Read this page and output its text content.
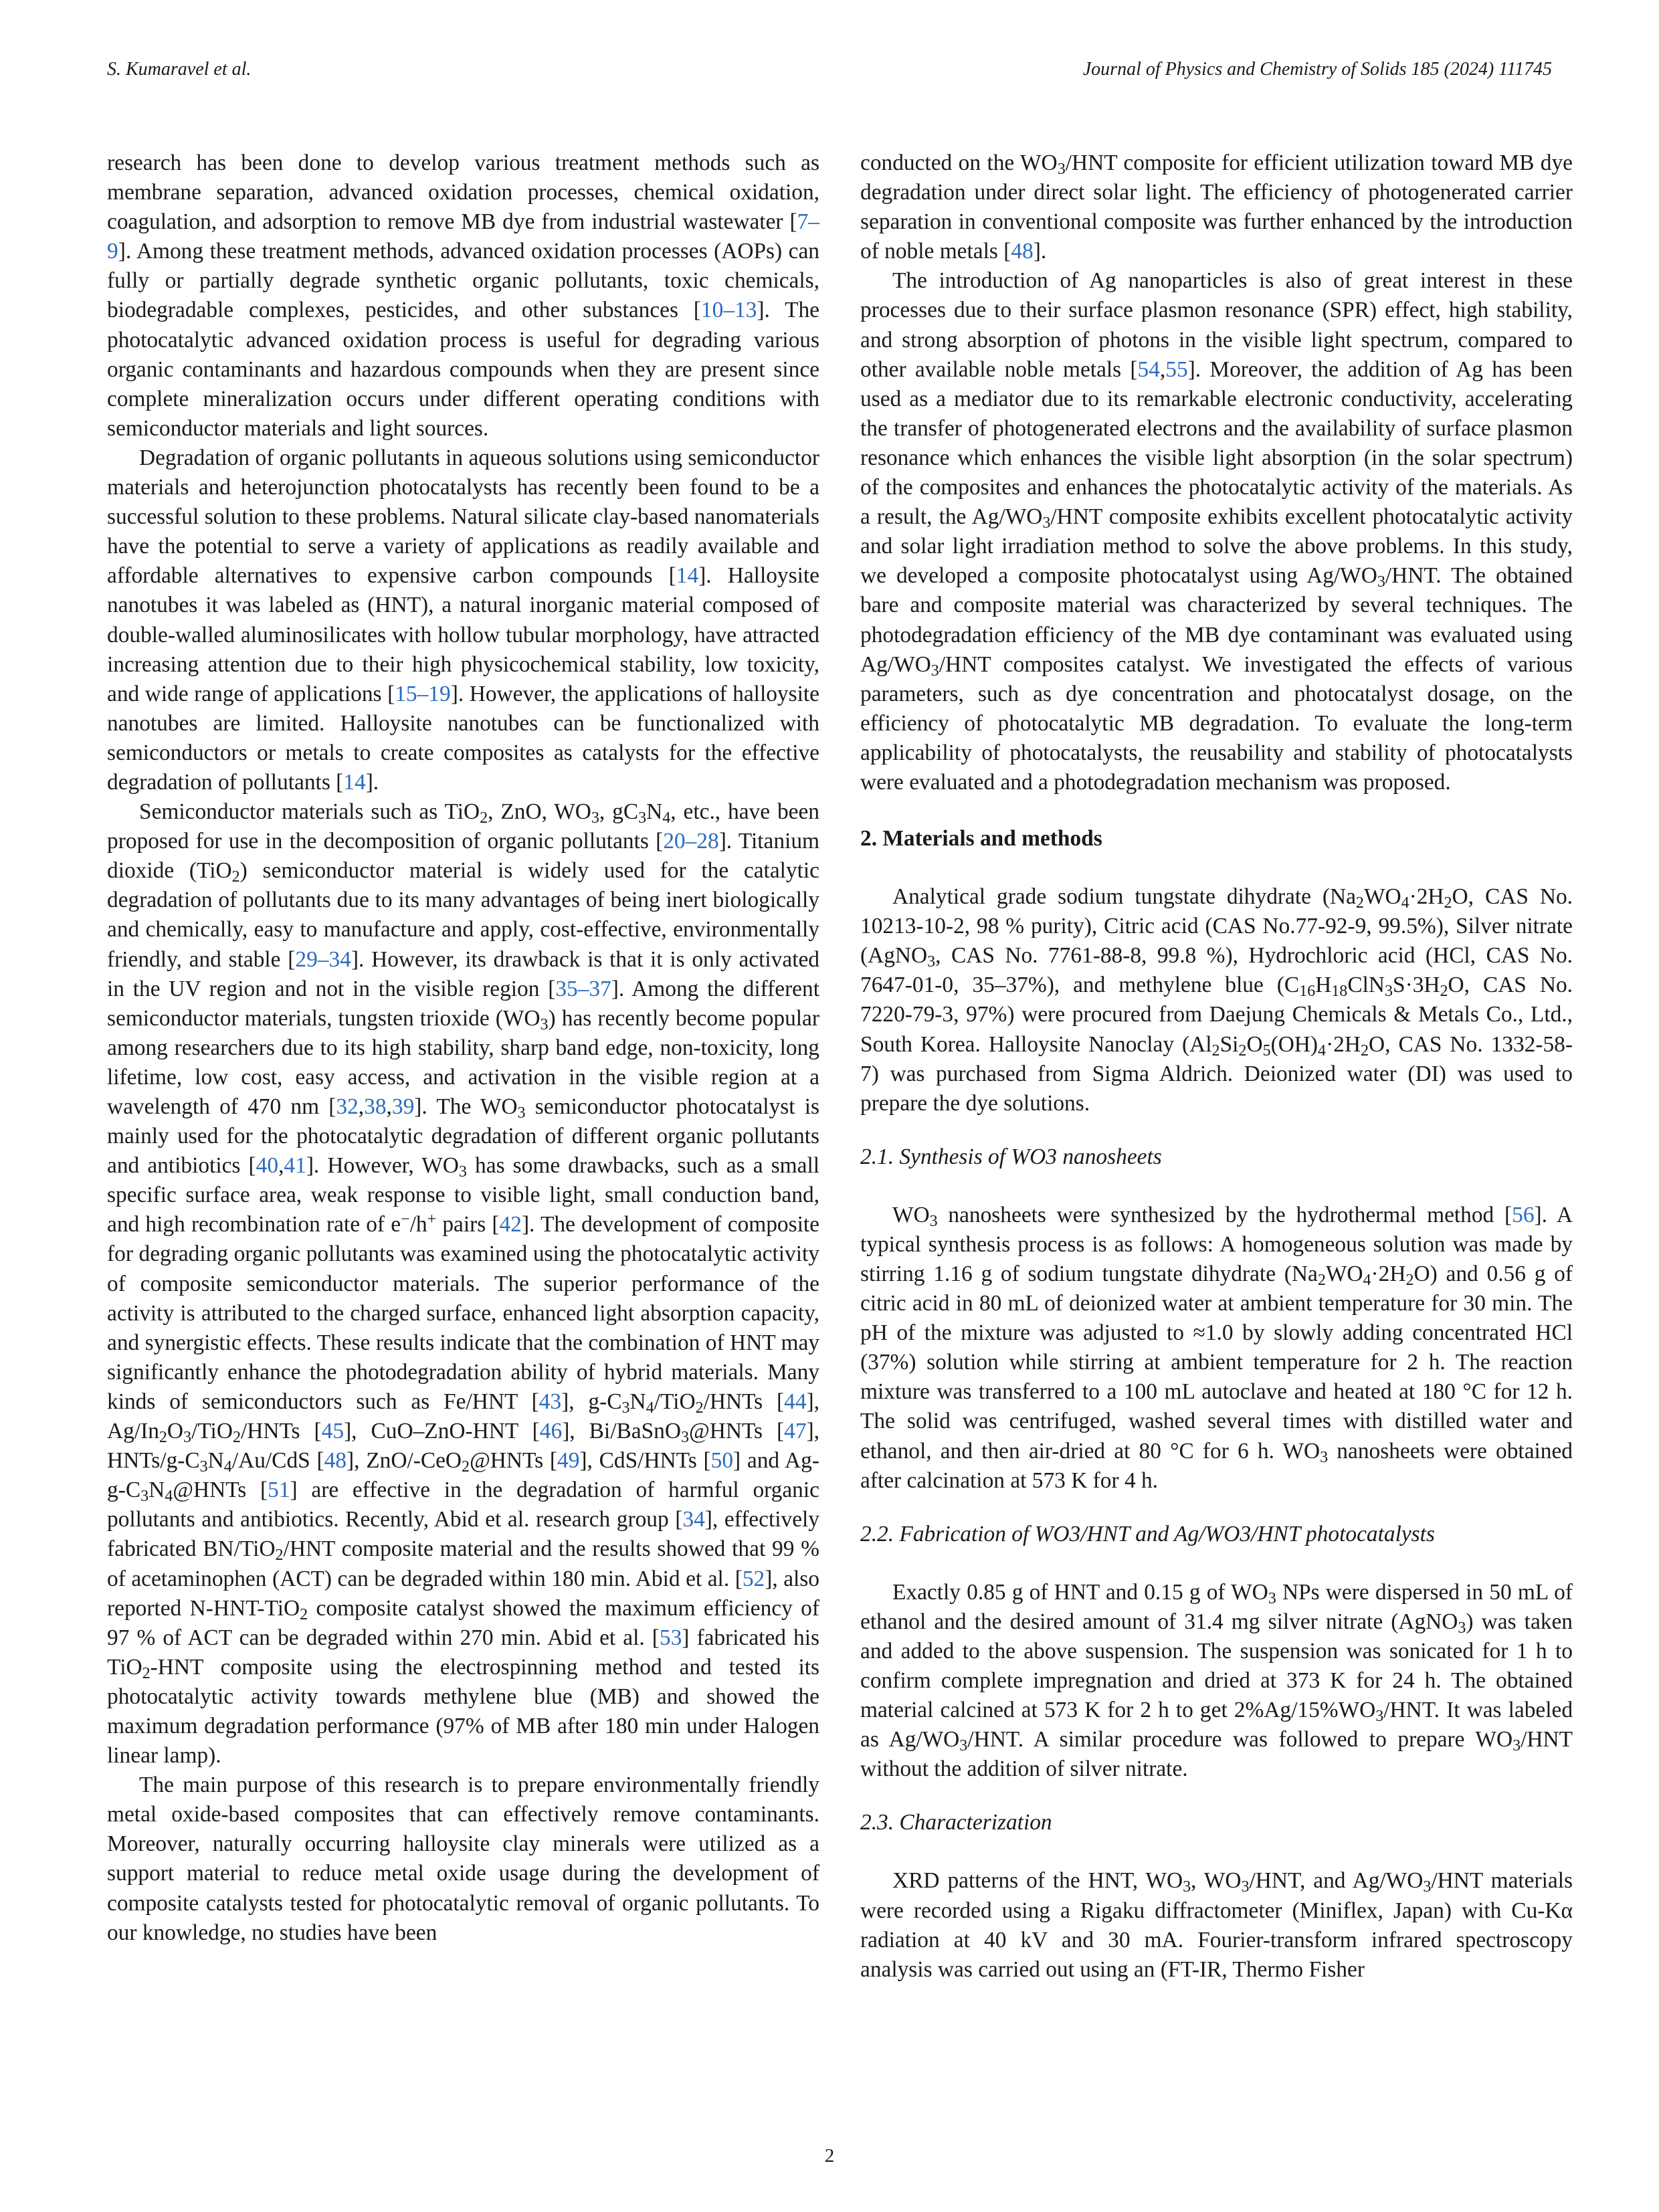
S. Kumaravel et al.	Journal of Physics and Chemistry of Solids 185 (2024) 111745

research has been done to develop various treatment methods such as membrane separation, advanced oxidation processes, chemical oxidation, coagulation, and adsorption to remove MB dye from industrial wastewater [7–9]. Among these treatment methods, advanced oxidation processes (AOPs) can fully or partially degrade synthetic organic pollutants, toxic chemicals, biodegradable complexes, pesticides, and other substances [10–13]. The photocatalytic advanced oxidation process is useful for degrading various organic contaminants and hazardous compounds when they are present since complete mineralization occurs under different operating conditions with semiconductor materials and light sources.

Degradation of organic pollutants in aqueous solutions using semiconductor materials and heterojunction photocatalysts has recently been found to be a successful solution to these problems. Natural silicate clay-based nanomaterials have the potential to serve a variety of applications as readily available and affordable alternatives to expensive carbon compounds [14]. Halloysite nanotubes it was labeled as (HNT), a natural inorganic material composed of double-walled aluminosilicates with hollow tubular morphology, have attracted increasing attention due to their high physicochemical stability, low toxicity, and wide range of applications [15–19]. However, the applications of halloysite nanotubes are limited. Halloysite nanotubes can be functionalized with semiconductors or metals to create composites as catalysts for the effective degradation of pollutants [14].

Semiconductor materials such as TiO$_2$, ZnO, $WO_3$, $gC_3N_4$, etc., have been proposed for use in the decomposition of organic pollutants [20–28]. Titanium dioxide (TiO$_2$) semiconductor material is widely used for the catalytic degradation of pollutants due to its many advantages of being inert biologically and chemically, easy to manufacture and apply, cost-effective, environmentally friendly, and stable [29–34]. However, its drawback is that it is only activated in the UV region and not in the visible region [35–37]. Among the different semiconductor materials, tungsten trioxide $(WO_3)$ has recently become popular among researchers due to its high stability, sharp band edge, non-toxicity, long lifetime, low cost, easy access, and activation in the visible region at a wavelength of 470 nm [32,38,39]. The $WO_3$ semiconductor photocatalyst is mainly used for the photocatalytic degradation of different organic pollutants and antibiotics [40,41]. However, $WO_3$ has some drawbacks, such as a small specific surface area, weak response to visible light, small conduction band, and high recombination rate of e−/h+ pairs [42]. The development of composite for degrading organic pollutants was examined using the photocatalytic activity of composite semiconductor materials. The superior performance of the activity is attributed to the charged surface, enhanced light absorption capacity, and synergistic effects. These results indicate that the combination of HNT may significantly enhance the photodegradation ability of hybrid materials. Many kinds of semiconductors such as Fe/HNT [43], $g-C_3N_4/TiO_2$/HNTs [44], $Ag/In_2O_3/TiO_2$/HNTs [45], CuO–ZnO-HNT [46], Bi/BaSnO$_3$@HNTs [47], HNTs/$g-C_3N_4/Au$/CdS [48], ZnO/-CeO$_2$@HNTs [49], CdS/HNTs [50] and $Ag-g-C_3N_4@HNTs$ [51] are effective in the degradation of harmful organic pollutants and antibiotics. Recently, Abid et al. research group [34], effectively fabricated BN/TiO$_2$/HNT composite material and the results showed that 99 % of acetaminophen (ACT) can be degraded within 180 min. Abid et al. [52], also reported N-HNT-TiO$_2$ composite catalyst showed the maximum efficiency of 97 % of ACT can be degraded within 270 min. Abid et al. [53] fabricated his TiO$_2$-HNT composite using the electrospinning method and tested its photocatalytic activity towards methylene blue (MB) and showed the maximum degradation performance (97% of MB after 180 min under Halogen linear lamp).

The main purpose of this research is to prepare environmentally friendly metal oxide-based composites that can effectively remove contaminants. Moreover, naturally occurring halloysite clay minerals were utilized as a support material to reduce metal oxide usage during the development of composite catalysts tested for photocatalytic removal of organic pollutants. To our knowledge, no studies have been

conducted on the $WO_3$/HNT composite for efficient utilization toward MB dye degradation under direct solar light. The efficiency of photogenerated carrier separation in conventional composite was further enhanced by the introduction of noble metals [48].

The introduction of Ag nanoparticles is also of great interest in these processes due to their surface plasmon resonance (SPR) effect, high stability, and strong absorption of photons in the visible light spectrum, compared to other available noble metals [54,55]. Moreover, the addition of Ag has been used as a mediator due to its remarkable electronic conductivity, accelerating the transfer of photogenerated electrons and the availability of surface plasmon resonance which enhances the visible light absorption (in the solar spectrum) of the composites and enhances the photocatalytic activity of the materials. As a result, the $Ag/WO_3$/HNT composite exhibits excellent photocatalytic activity and solar light irradiation method to solve the above problems. In this study, we developed a composite photocatalyst using $Ag/WO_3$/HNT. The obtained bare and composite material was characterized by several techniques. The photodegradation efficiency of the MB dye contaminant was evaluated using $Ag/WO_3$/HNT composites catalyst. We investigated the effects of various parameters, such as dye concentration and photocatalyst dosage, on the efficiency of photocatalytic MB degradation. To evaluate the long-term applicability of photocatalysts, the reusability and stability of photocatalysts were evaluated and a photodegradation mechanism was proposed.

2. Materials and methods

Analytical grade sodium tungstate dihydrate ($Na_2WO_4\cdot 2H_2O$, CAS No. 10213-10-2, 98 % purity), Citric acid (CAS No.77-92-9, 99.5%), Silver nitrate (AgNO$_3$, CAS No. 7761-88-8, 99.8 %), Hydrochloric acid (HCl, CAS No. 7647-01-0, 35–37%), and methylene blue ($C_{16}H_{18}ClN_3S\cdot 3H_2O$, CAS No. 7220-79-3, 97%) were procured from Daejung Chemicals & Metals Co., Ltd., South Korea. Halloysite Nanoclay ($Al_2Si_2O_5(OH)_4\cdot 2H_2O$, CAS No. 1332-58-7) was purchased from Sigma Aldrich. Deionized water (DI) was used to prepare the dye solutions.

2.1. Synthesis of WO3 nanosheets

$WO_3$ nanosheets were synthesized by the hydrothermal method [56]. A typical synthesis process is as follows: A homogeneous solution was made by stirring 1.16 g of sodium tungstate dihydrate $(Na_2WO_4\cdot 2H_2O)$ and 0.56 g of citric acid in 80 mL of deionized water at ambient temperature for 30 min. The pH of the mixture was adjusted to ≈1.0 by slowly adding concentrated HCl (37%) solution while stirring at ambient temperature for 2 h. The reaction mixture was transferred to a 100 mL autoclave and heated at 180 °C for 12 h. The solid was centrifuged, washed several times with distilled water and ethanol, and then air-dried at 80 °C for 6 h. $WO_3$ nanosheets were obtained after calcination at 573 K for 4 h.

2.2. Fabrication of WO3/HNT and Ag/WO3/HNT photocatalysts

Exactly 0.85 g of HNT and 0.15 g of $WO_3$ NPs were dispersed in 50 mL of ethanol and the desired amount of 31.4 mg silver nitrate (AgNO$_3$) was taken and added to the above suspension. The suspension was sonicated for 1 h to confirm complete impregnation and dried at 373 K for 24 h. The obtained material calcined at 573 K for 2 h to get $2\%Ag/15\%WO_3$/HNT. It was labeled as $Ag/WO_3$/HNT. A similar procedure was followed to prepare $WO_3$/HNT without the addition of silver nitrate.

2.3. Characterization

XRD patterns of the HNT, $WO_3$, $WO_3$/HNT, and $Ag/WO_3$/HNT materials were recorded using a Rigaku diffractometer (Miniflex, Japan) with Cu-Kα radiation at 40 kV and 30 mA. Fourier-transform infrared spectroscopy analysis was carried out using an (FT-IR, Thermo Fisher

2
